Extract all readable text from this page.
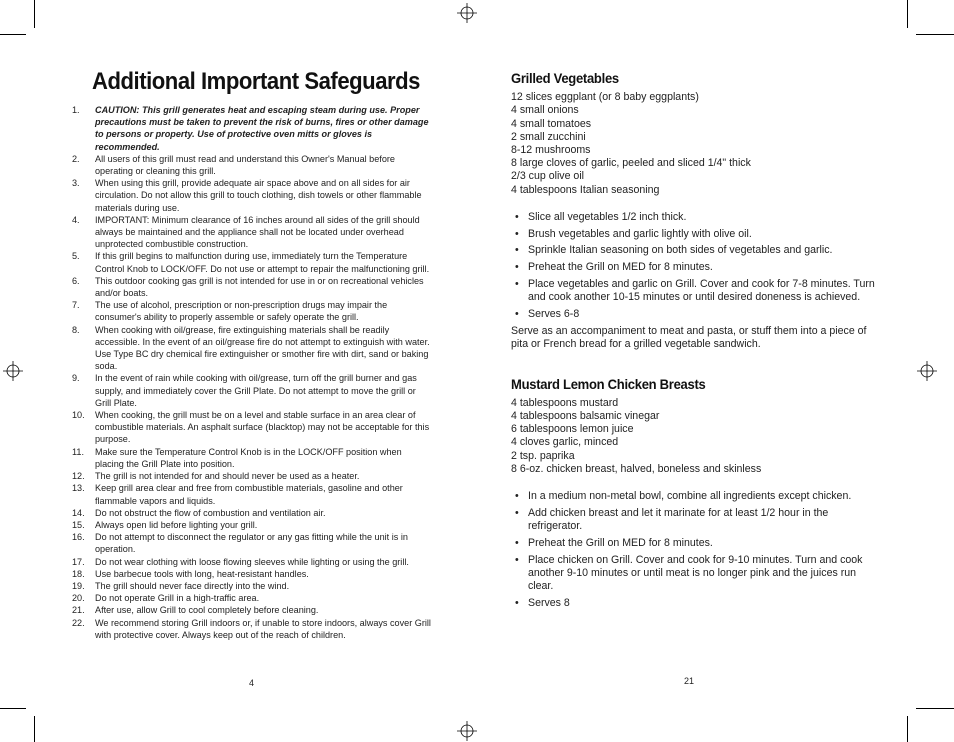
Additional Important Safeguards
1. CAUTION: This grill generates heat and escaping steam during use. Proper precautions must be taken to prevent the risk of burns, fires or other damage to persons or property. Use of protective oven mitts or gloves is recommended.
2. All users of this grill must read and understand this Owner's Manual before operating or cleaning this grill.
3. When using this grill, provide adequate air space above and on all sides for air circulation. Do not allow this grill to touch clothing, dish towels or other flammable materials during use.
4. IMPORTANT: Minimum clearance of 16 inches around all sides of the grill should always be maintained and the appliance shall not be located under overhead unprotected combustible construction.
5. If this grill begins to malfunction during use, immediately turn the Temperature Control Knob to LOCK/OFF. Do not use or attempt to repair the malfunctioning grill.
6. This outdoor cooking gas grill is not intended for use in or on recreational vehicles and/or boats.
7. The use of alcohol, prescription or non-prescription drugs may impair the consumer's ability to properly assemble or safely operate the grill.
8. When cooking with oil/grease, fire extinguishing materials shall be readily accessible. In the event of an oil/grease fire do not attempt to extinguish with water. Use Type BC dry chemical fire extinguisher or smother fire with dirt, sand or baking soda.
9. In the event of rain while cooking with oil/grease, turn off the grill burner and gas supply, and immediately cover the Grill Plate. Do not attempt to move the grill or Grill Plate.
10. When cooking, the grill must be on a level and stable surface in an area clear of combustible materials. An asphalt surface (blacktop) may not be acceptable for this purpose.
11. Make sure the Temperature Control Knob is in the LOCK/OFF position when placing the Grill Plate into position.
12. The grill is not intended for and should never be used as a heater.
13. Keep grill area clear and free from combustible materials, gasoline and other flammable vapors and liquids.
14. Do not obstruct the flow of combustion and ventilation air.
15. Always open lid before lighting your grill.
16. Do not attempt to disconnect the regulator or any gas fitting while the unit is in operation.
17. Do not wear clothing with loose flowing sleeves while lighting or using the grill.
18. Use barbecue tools with long, heat-resistant handles.
19. The grill should never face directly into the wind.
20. Do not operate Grill in a high-traffic area.
21. After use, allow Grill to cool completely before cleaning.
22. We recommend storing Grill indoors or, if unable to store indoors, always cover Grill with protective cover. Always keep out of the reach of children.
4
Grilled Vegetables
12 slices eggplant (or 8 baby eggplants)
4 small onions
4 small tomatoes
2 small zucchini
8-12 mushrooms
8 large cloves of garlic, peeled and sliced 1/4" thick
2/3 cup olive oil
4 tablespoons Italian seasoning
• Slice all vegetables 1/2 inch thick.
• Brush vegetables and garlic lightly with olive oil.
• Sprinkle Italian seasoning on both sides of vegetables and garlic.
• Preheat the Grill on MED for 8 minutes.
• Place vegetables and garlic on Grill. Cover and cook for 7-8 minutes. Turn and cook another 10-15 minutes or until desired doneness is achieved.
• Serves 6-8

Serve as an accompaniment to meat and pasta, or stuff them into a piece of pita or French bread for a grilled vegetable sandwich.

Mustard Lemon Chicken Breasts
4 tablespoons mustard
4 tablespoons balsamic vinegar
6 tablespoons lemon juice
4 cloves garlic, minced
2 tsp. paprika
8 6-oz. chicken breast, halved, boneless and skinless
• In a medium non-metal bowl, combine all ingredients except chicken.
• Add chicken breast and let it marinate for at least 1/2 hour in the refrigerator.
• Preheat the Grill on MED for 8 minutes.
• Place chicken on Grill. Cover and cook for 9-10 minutes. Turn and cook another 9-10 minutes or until meat is no longer pink and the juices run clear.
• Serves 8
21
